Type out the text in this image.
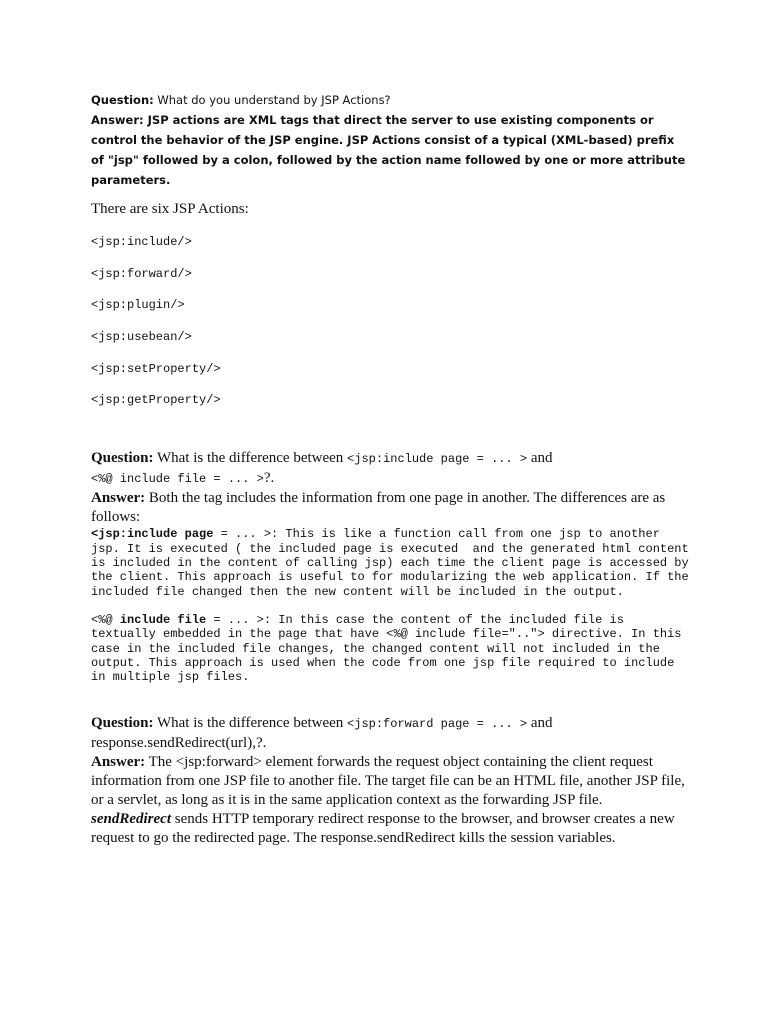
Question: What do you understand by JSP Actions?

Answer: JSP actions are XML tags that direct the server to use existing components or control the behavior of the JSP engine. JSP Actions consist of a typical (XML-based) prefix of "jsp" followed by a colon, followed by the action name followed by one or more attribute parameters.

There are six JSP Actions:

<jsp:include/>
<jsp:forward/>
<jsp:plugin/>
<jsp:usebean/>
<jsp:setProperty/>
<jsp:getProperty/>

Question: What is the difference between <jsp:include page = ... > and
<%@ include file = ... >?.

Answer: Both the tag includes the information from one page in another. The differences are as follows:

<jsp:include page = ... >: This is like a function call from one jsp to another jsp. It is executed ( the included page is executed  and the generated html content is included in the content of calling jsp) each time the client page is accessed by the client. This approach is useful to for modularizing the web application. If the included file changed then the new content will be included in the output.

<%@ include file = ... >: In this case the content of the included file is textually embedded in the page that have <%@ include file=".."> directive. In this case in the included file changes, the changed content will not included in the output. This approach is used when the code from one jsp file required to include in multiple jsp files.

Question: What is the difference between <jsp:forward page = ... > and
response.sendRedirect(url),?.

Answer: The <jsp:forward> element forwards the request object containing the client request information from one JSP file to another file. The target file can be an HTML file, another JSP file, or a servlet, as long as it is in the same application context as the forwarding JSP file.

sendRedirect sends HTTP temporary redirect response to the browser, and browser creates a new request to go the redirected page. The response.sendRedirect kills the session variables.
